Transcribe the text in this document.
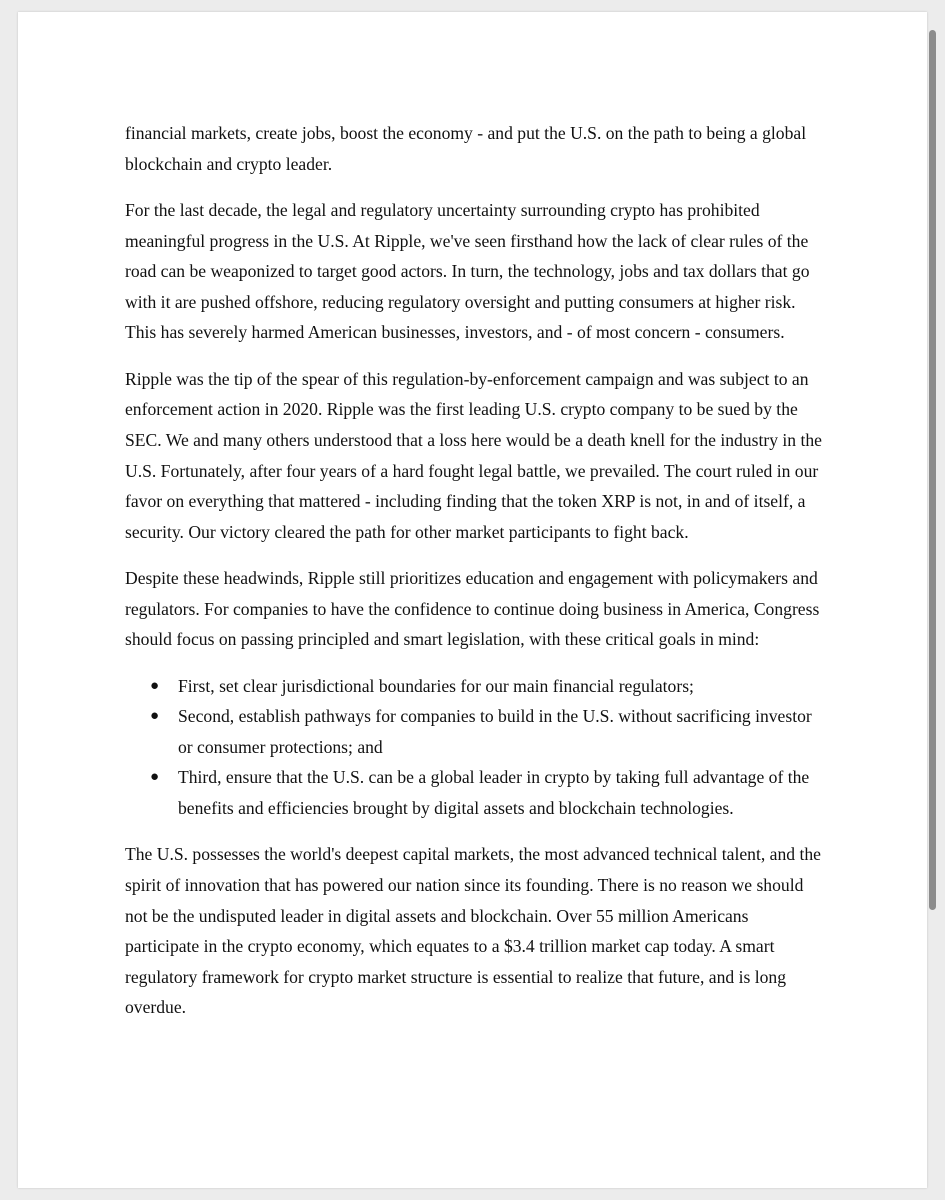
financial markets, create jobs, boost the economy - and put the U.S. on the path to being a global blockchain and crypto leader.

For the last decade, the legal and regulatory uncertainty surrounding crypto has prohibited meaningful progress in the U.S. At Ripple, we've seen firsthand how the lack of clear rules of the road can be weaponized to target good actors. In turn, the technology, jobs and tax dollars that go with it are pushed offshore, reducing regulatory oversight and putting consumers at higher risk. This has severely harmed American businesses, investors, and - of most concern - consumers.

Ripple was the tip of the spear of this regulation-by-enforcement campaign and was subject to an enforcement action in 2020. Ripple was the first leading U.S. crypto company to be sued by the SEC. We and many others understood that a loss here would be a death knell for the industry in the U.S. Fortunately, after four years of a hard fought legal battle, we prevailed. The court ruled in our favor on everything that mattered - including finding that the token XRP is not, in and of itself, a security. Our victory cleared the path for other market participants to fight back.

Despite these headwinds, Ripple still prioritizes education and engagement with policymakers and regulators. For companies to have the confidence to continue doing business in America, Congress should focus on passing principled and smart legislation, with these critical goals in mind:

● First, set clear jurisdictional boundaries for our main financial regulators;
● Second, establish pathways for companies to build in the U.S. without sacrificing investor or consumer protections; and
● Third, ensure that the U.S. can be a global leader in crypto by taking full advantage of the benefits and efficiencies brought by digital assets and blockchain technologies.

The U.S. possesses the world's deepest capital markets, the most advanced technical talent, and the spirit of innovation that has powered our nation since its founding. There is no reason we should not be the undisputed leader in digital assets and blockchain. Over 55 million Americans participate in the crypto economy, which equates to a $3.4 trillion market cap today. A smart regulatory framework for crypto market structure is essential to realize that future, and is long overdue.
